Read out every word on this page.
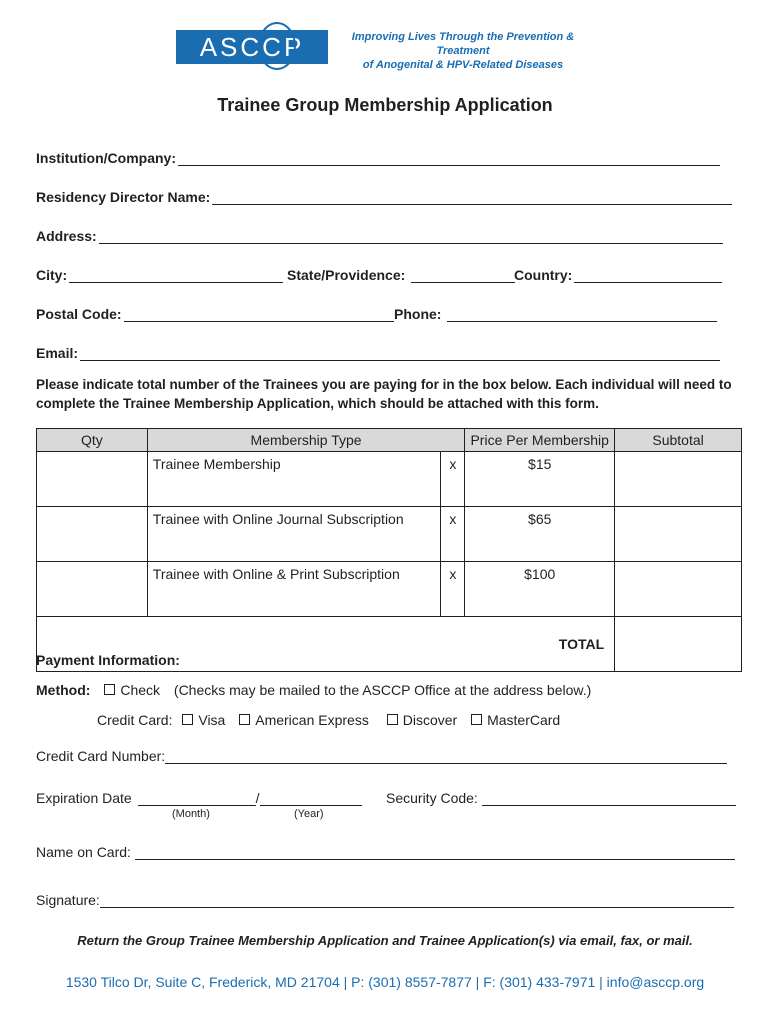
ASCCP	Improving Lives Through the Prevention & Treatment
of Anogenital & HPV-Related Diseases
Trainee Group Membership Application
Institution/Company:
Residency Director Name:
Address:
City:	State/Providence:	Country:
Postal Code:	Phone:
Email:
Please indicate total number of the Trainees you are paying for in the box below. Each individual will need to complete the Trainee Membership Application, which should be attached with this form.
Qty	Membership Type		Price Per Membership	Subtotal
	Trainee Membership	x	$15	
	Trainee with Online Journal Subscription	x	$65	
	Trainee with Online & Print Subscription	x	$100	
TOTAL				
Payment Information:
Method: Check (Checks may be mailed to the ASCCP Office at the address below.)
Credit Card: Visa American Express Discover MasterCard
Credit Card Number:
Expiration Date	/
(Month)	(Year)
Security Code:
Name on Card:
Signature:
Return the Group Trainee Membership Application and Trainee Application(s) via email, fax, or mail.
1530 Tilco Dr, Suite C, Frederick, MD 21704 | P: (301) 8557-7877 | F: (301) 433-7971 | info@asccp.org
